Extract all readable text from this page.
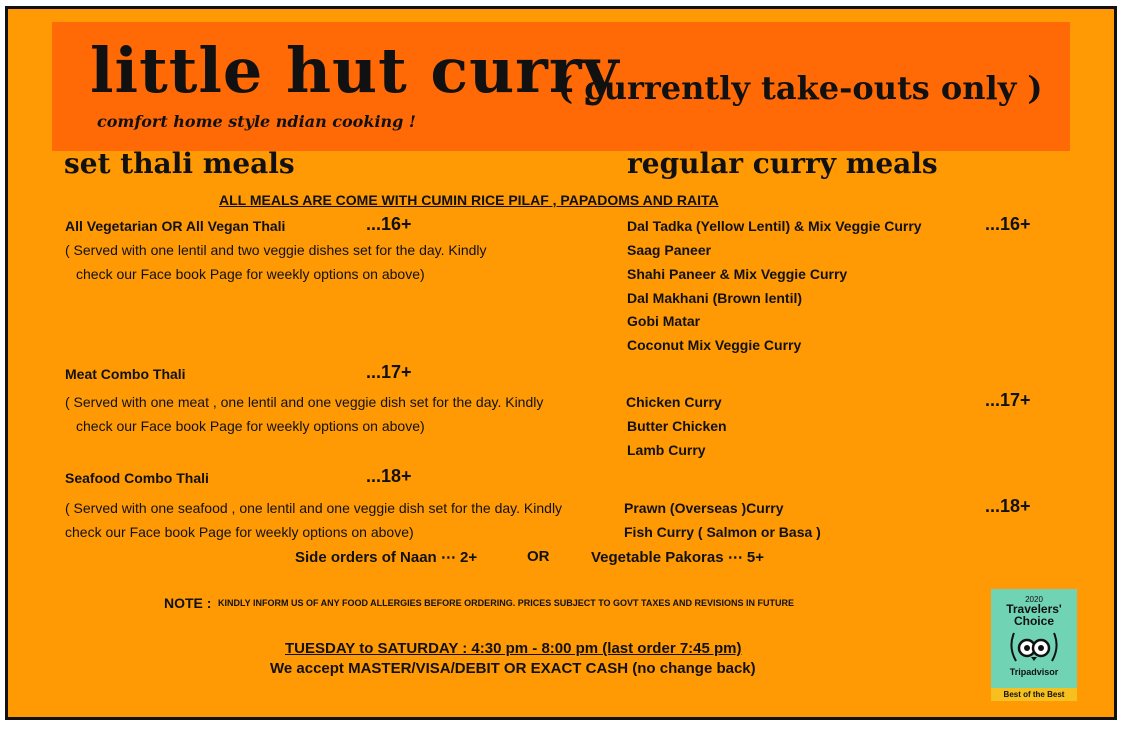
little hut curry
( currently take-outs only )
comfort home style ndian cooking !
set thali meals	regular curry meals
ALL MEALS ARE COME WITH CUMIN RICE PILAF , PAPADOMS AND RAITA
All Vegetarian OR All Vegan Thali	...16+
( Served with one lentil and two veggie dishes set for the day. Kindly
check our Face book Page for weekly options on above)
Meat Combo Thali	...17+
( Served with one meat , one lentil and one veggie dish set for the day. Kindly
check our Face book Page for weekly options on above)
Seafood Combo Thali	...18+
( Served with one seafood , one lentil and one veggie dish set for the day. Kindly
check our Face book Page for weekly options on above)
Dal Tadka (Yellow Lentil) & Mix Veggie Curry
Saag Paneer
Shahi Paneer & Mix Veggie Curry
Dal Makhani (Brown lentil)
Gobi Matar
Coconut Mix Veggie Curry
...16+
Chicken Curry
Butter Chicken
Lamb Curry
...17+
Prawn (Overseas )Curry
Fish Curry ( Salmon or Basa )
...18+
Side orders of Naan ⋯ 2+	OR	Vegetable Pakoras ⋯ 5+
NOTE : KINDLY INFORM US OF ANY FOOD ALLERGIES BEFORE ORDERING. PRICES SUBJECT TO GOVT TAXES AND REVISIONS IN FUTURE
TUESDAY to SATURDAY : 4:30 pm - 8:00 pm (last order 7:45 pm)
We accept MASTER/VISA/DEBIT OR EXACT CASH (no change back)
2020
Travelers'
Choice
Tripadvisor
Best of the Best
